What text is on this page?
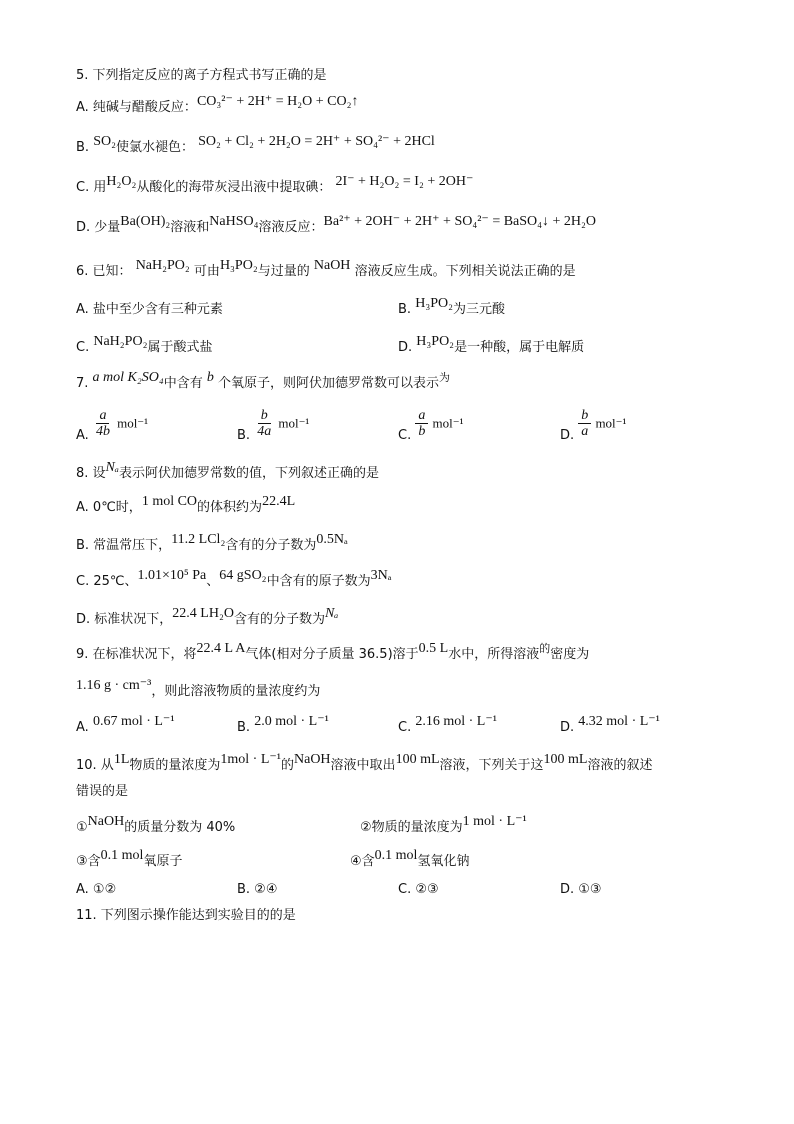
5. 下列指定反应的离子方程式书写正确的是
A. 纯碱与醋酸反应：CO₃²⁻ + 2H⁺ = H₂O + CO₂↑
B. SO₂使氯水褪色： SO₂ + Cl₂ + 2H₂O = 2H⁺ + SO₄²⁻ + 2HCl
C. 用H₂O₂从酸化的海带灰浸出液中提取碘： 2I⁻ + H₂O₂ = I₂ + 2OH⁻
D. 少量Ba(OH)₂溶液和NaHSO₄溶液反应：Ba²⁺ + 2OH⁻ + 2H⁺ + SO₄²⁻ = BaSO₄↓ + 2H₂O
6. 已知： NaH₂PO₂ 可由H₃PO₂与过量的 NaOH 溶液反应生成。下列相关说法正确的是
A. 盐中至少含有三种元素	B. H₃PO₂为三元酸
C. NaH₂PO₂属于酸式盐	D. H₃PO₂是一种酸，属于电解质
7. a mol K₂SO₄中含有 b 个氧原子，则阿伏加德罗常数可以表示$^为$
A. $\frac{a}{4b} mol^{-1}$
B. $\frac{b}{4a} mol^{-1}$
C. $\frac{a}{b} mol^{-1}$
D. $\frac{b}{a} mol^{-1}$
8. 设Nₐ表示阿伏加德罗常数的值，下列叙述正确的是
A. 0℃时，1 mol CO的体积约为22.4L
B. 常温常压下，11.2 LCl₂含有的分子数为0.5Nₐ
C. 25℃、1.01×10⁵ Pa、64 gSO₂中含有的原子数为3Nₐ
D. 标准状况下，22.4 LH₂O含有的分子数为Nₐ
9. 在标准状况下，将22.4 L A气体(相对分子质量 36.5)溶于0.5 L水中，所得溶液$^的$密度为
1.16 g · cm⁻³，则此溶液物质的量浓度约为
A. 0.67 mol · L⁻¹	B. 2.0 mol · L⁻¹	C. 2.16 mol · L⁻¹	D. 4.32 mol · L⁻¹
10. 从1L物质的量浓度为1mol · L⁻¹的NaOH溶液中取出100 mL溶液，下列关于这100 mL溶液的叙述
错误的是
①NaOH的质量分数为 40%	②物质的量浓度为1 mol · L⁻¹
③含0.1 mol氧原子	④含0.1 mol氢氧化钠
A. ①②	B. ②④	C. ②③	D. ①③
11. 下列图示操作能达到实验目的的是
